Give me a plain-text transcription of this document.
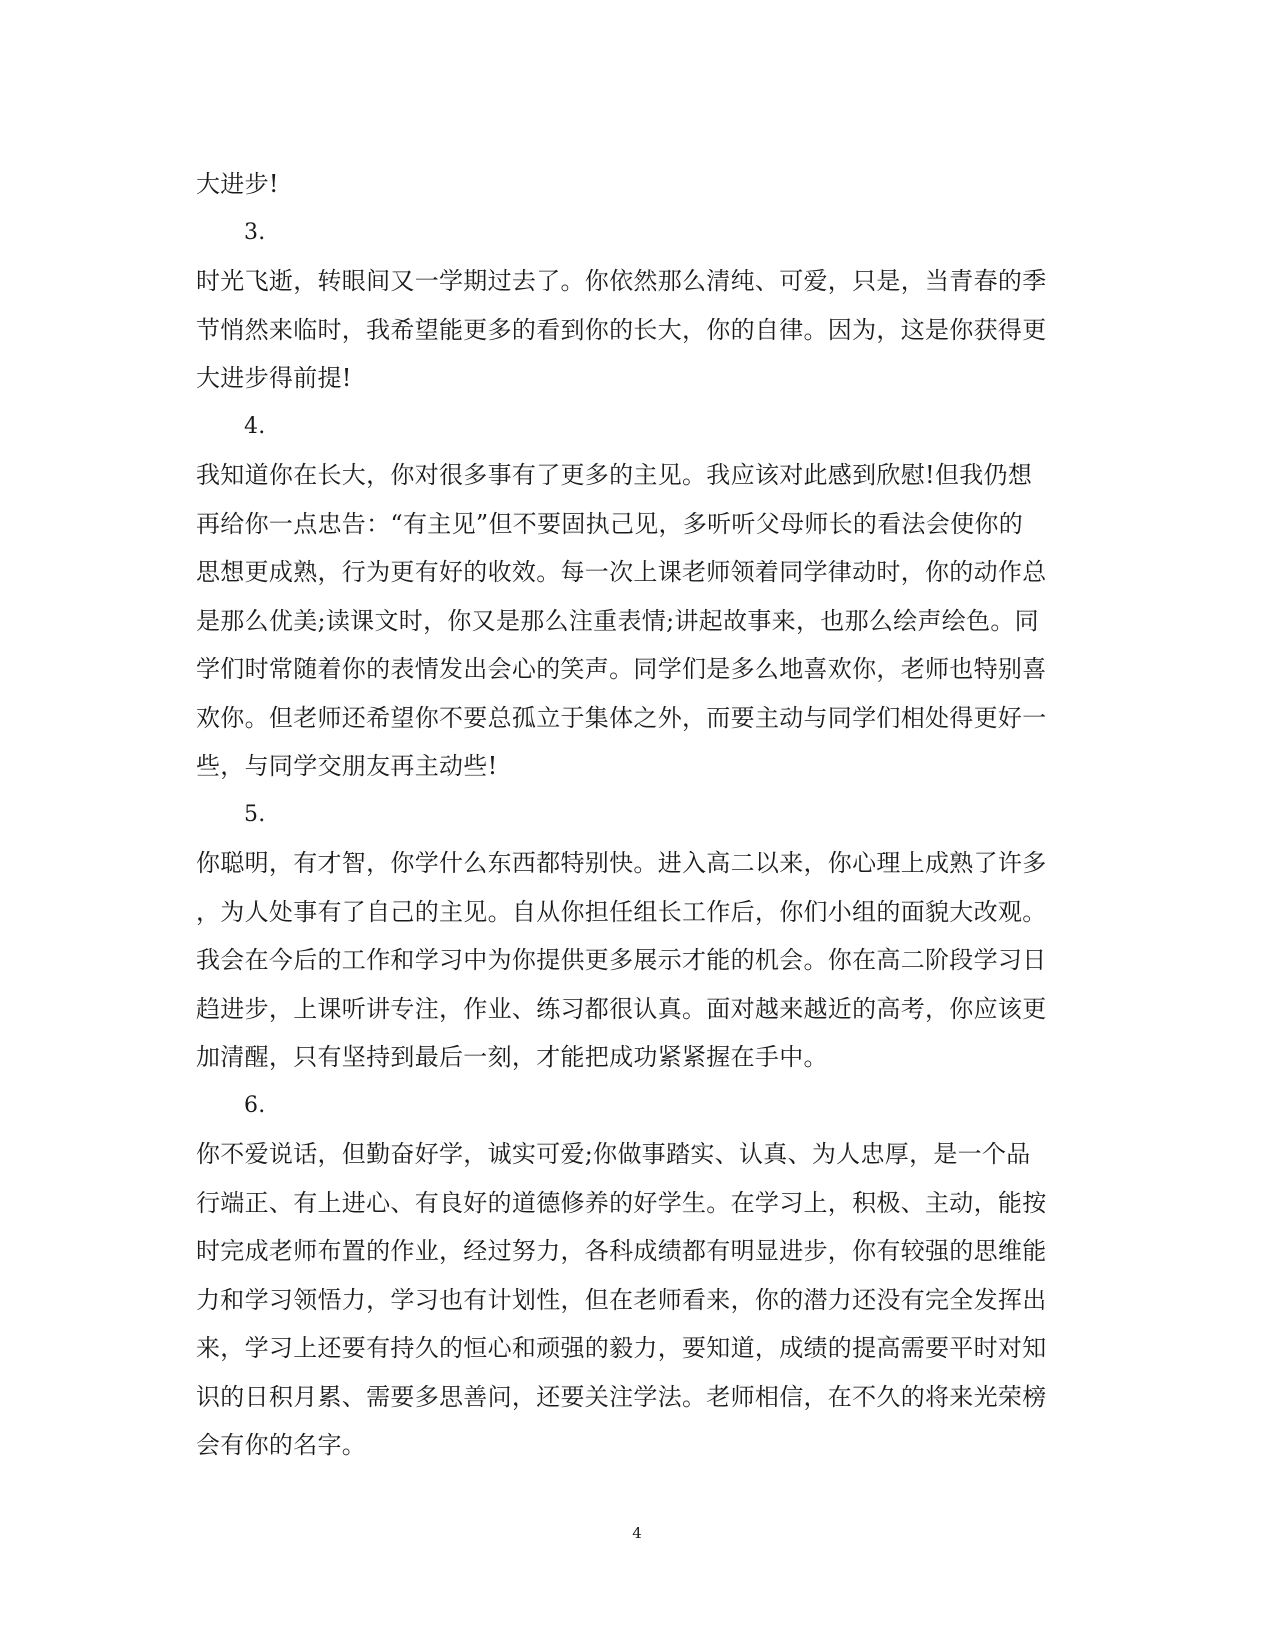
大进步!
3.
时光飞逝，转眼间又一学期过去了。你依然那么清纯、可爱，只是，当青春的季
节悄然来临时，我希望能更多的看到你的长大，你的自律。因为，这是你获得更
大进步得前提!
4.
我知道你在长大，你对很多事有了更多的主见。我应该对此感到欣慰!但我仍想
再给你一点忠告：“有主见”但不要固执己见，多听听父母师长的看法会使你的
思想更成熟，行为更有好的收效。每一次上课老师领着同学律动时，你的动作总
是那么优美;读课文时，你又是那么注重表情;讲起故事来，也那么绘声绘色。同
学们时常随着你的表情发出会心的笑声。同学们是多么地喜欢你，老师也特别喜
欢你。但老师还希望你不要总孤立于集体之外，而要主动与同学们相处得更好一
些，与同学交朋友再主动些!
5.
你聪明，有才智，你学什么东西都特别快。进入高二以来，你心理上成熟了许多
，为人处事有了自己的主见。自从你担任组长工作后，你们小组的面貌大改观。
我会在今后的工作和学习中为你提供更多展示才能的机会。你在高二阶段学习日
趋进步，上课听讲专注，作业、练习都很认真。面对越来越近的高考，你应该更
加清醒，只有坚持到最后一刻，才能把成功紧紧握在手中。
6.
你不爱说话，但勤奋好学，诚实可爱;你做事踏实、认真、为人忠厚，是一个品
行端正、有上进心、有良好的道德修养的好学生。在学习上，积极、主动，能按
时完成老师布置的作业，经过努力，各科成绩都有明显进步，你有较强的思维能
力和学习领悟力，学习也有计划性，但在老师看来，你的潜力还没有完全发挥出
来，学习上还要有持久的恒心和顽强的毅力，要知道，成绩的提高需要平时对知
识的日积月累、需要多思善问，还要关注学法。老师相信，在不久的将来光荣榜
会有你的名字。
4
